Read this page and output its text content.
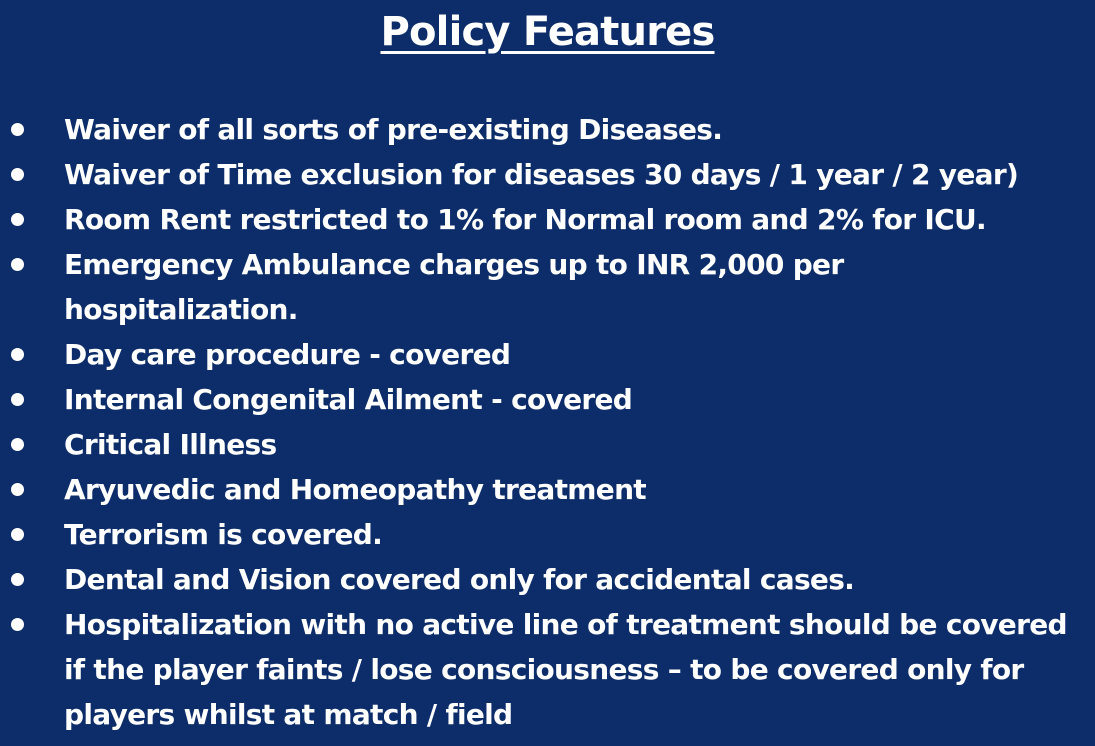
Policy Features
Waiver of all sorts of pre-existing Diseases.
Waiver of Time exclusion for diseases 30 days / 1 year / 2 year)
Room Rent restricted to 1% for Normal room and 2% for ICU.
Emergency Ambulance charges up to INR 2,000 per
hospitalization.
Day care procedure - covered
Internal Congenital Ailment - covered
Critical Illness
Aryuvedic and Homeopathy treatment
Terrorism is covered.
Dental and Vision covered only for accidental cases.
Hospitalization with no active line of treatment should be covered
if the player faints / lose consciousness – to be covered only for
players whilst at match / field
